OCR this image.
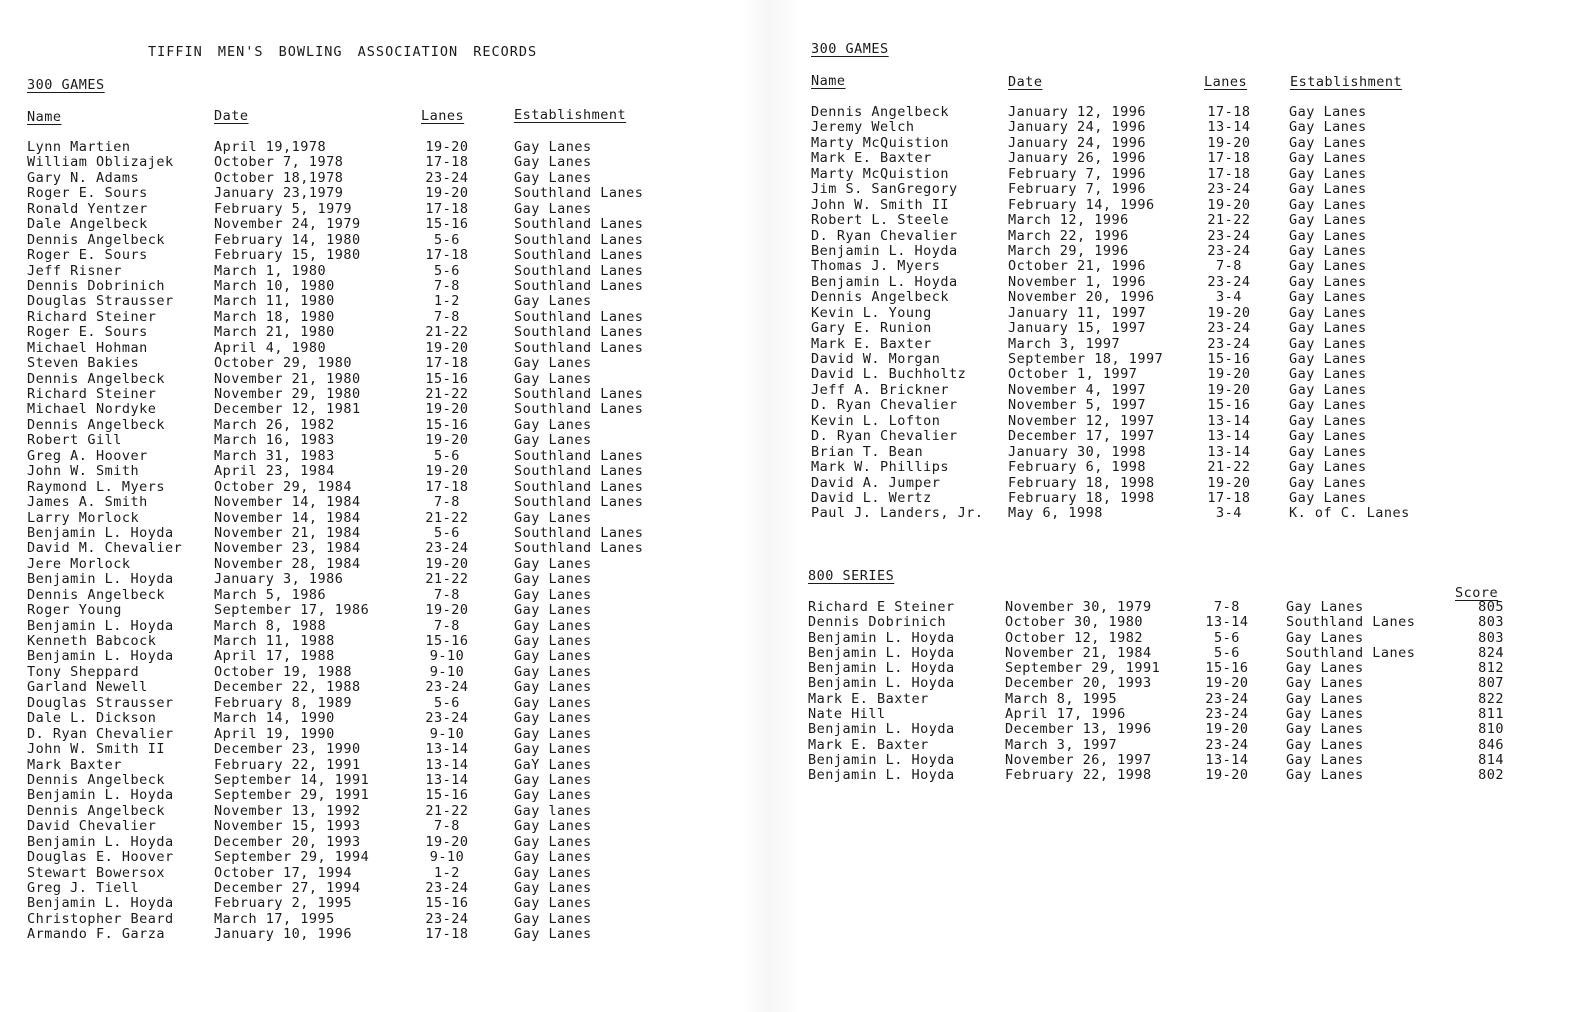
TIFFIN MEN'S BOWLING ASSOCIATION RECORDS
300 GAMES
Name	Date	Lanes	Establishment
Lynn Martien	April 19,1978	19-20	Gay Lanes
William Oblizajek	October 7, 1978	17-18	Gay Lanes
Gary N. Adams	October 18,1978	23-24	Gay Lanes
Roger E. Sours	January 23,1979	19-20	Southland Lanes
Ronald Yentzer	February 5, 1979	17-18	Gay Lanes
Dale Angelbeck	November 24, 1979	15-16	Southland Lanes
Dennis Angelbeck	February 14, 1980	5-6	Southland Lanes
Roger E. Sours	February 15, 1980	17-18	Southland Lanes
Jeff Risner	March 1, 1980	5-6	Southland Lanes
Dennis Dobrinich	March 10, 1980	7-8	Southland Lanes
Douglas Strausser	March 11, 1980	1-2	Gay Lanes
Richard Steiner	March 18, 1980	7-8	Southland Lanes
Roger E. Sours	March 21, 1980	21-22	Southland Lanes
Michael Hohman	April 4, 1980	19-20	Southland Lanes
Steven Bakies	October 29, 1980	17-18	Gay Lanes
Dennis Angelbeck	November 21, 1980	15-16	Gay Lanes
Richard Steiner	November 29, 1980	21-22	Southland Lanes
Michael Nordyke	December 12, 1981	19-20	Southland Lanes
Dennis Angelbeck	March 26, 1982	15-16	Gay Lanes
Robert Gill	March 16, 1983	19-20	Gay Lanes
Greg A. Hoover	March 31, 1983	5-6	Southland Lanes
John W. Smith	April 23, 1984	19-20	Southland Lanes
Raymond L. Myers	October 29, 1984	17-18	Southland Lanes
James A. Smith	November 14, 1984	7-8	Southland Lanes
Larry Morlock	November 14, 1984	21-22	Gay Lanes
Benjamin L. Hoyda	November 21, 1984	5-6	Southland Lanes
David M. Chevalier November 23, 1984	23-24	Southland Lanes
Jere Morlock	November 28, 1984	19-20	Gay Lanes
Benjamin L. Hoyda	January 3, 1986	21-22	Gay Lanes
Dennis Angelbeck	March 5, 1986	7-8	Gay Lanes
Roger Young	September 17, 1986	19-20	Gay Lanes
Benjamin L. Hoyda	March 8, 1988	7-8	Gay Lanes
Kenneth Babcock	March 11, 1988	15-16	Gay Lanes
Benjamin L. Hoyda	April 17, 1988	9-10	Gay Lanes
Tony Sheppard	October 19, 1988	9-10	Gay Lanes
Garland Newell	December 22, 1988	23-24	Gay Lanes
Douglas Strausser	February 8, 1989	5-6	Gay Lanes
Dale L. Dickson	March 14, 1990	23-24	Gay Lanes
D. Ryan Chevalier	April 19, 1990	9-10	Gay Lanes
John W. Smith II	December 23, 1990	13-14	Gay Lanes
Mark Baxter	February 22, 1991	13-14	GaY Lanes
Dennis Angelbeck	September 14, 1991	13-14	Gay Lanes
Benjamin L. Hoyda	September 29, 1991	15-16	Gay Lanes
Dennis Angelbeck	November 13, 1992	21-22	Gay lanes
David Chevalier	November 15, 1993	7-8	Gay Lanes
Benjamin L. Hoyda	December 20, 1993	19-20	Gay Lanes
Douglas E. Hoover	September 29, 1994	9-10	Gay Lanes
Stewart Bowersox	October 17, 1994	1-2	Gay Lanes
Greg J. Tiell	December 27, 1994	23-24	Gay Lanes
Benjamin L. Hoyda	February 2, 1995	15-16	Gay Lanes
Christopher Beard	March 17, 1995	23-24	Gay Lanes
Armando F. Garza	January 10, 1996	17-18	Gay Lanes
300 GAMES
Name	Date	Lanes	Establishment
Dennis Angelbeck	January 12, 1996	17-18	Gay Lanes
Jeremy Welch	January 24, 1996	13-14	Gay Lanes
Marty McQuistion	January 24, 1996	19-20	Gay Lanes
Mark E. Baxter	January 26, 1996	17-18	Gay Lanes
Marty McQuistion	February 7, 1996	17-18	Gay Lanes
Jim S. SanGregory	February 7, 1996	23-24	Gay Lanes
John W. Smith II	February 14, 1996	19-20	Gay Lanes
Robert L. Steele	March 12, 1996	21-22	Gay Lanes
D. Ryan Chevalier	March 22, 1996	23-24	Gay Lanes
Benjamin L. Hoyda	March 29, 1996	23-24	Gay Lanes
Thomas J. Myers	October 21, 1996	7-8	Gay Lanes
Benjamin L. Hoyda	November 1, 1996	23-24	Gay Lanes
Dennis Angelbeck	November 20, 1996	3-4	Gay Lanes
Kevin L. Young	January 11, 1997	19-20	Gay Lanes
Gary E. Runion	January 15, 1997	23-24	Gay Lanes
Mark E. Baxter	March 3, 1997	23-24	Gay Lanes
David W. Morgan	September 18, 1997	15-16	Gay Lanes
David L. Buchholtz	October 1, 1997	19-20	Gay Lanes
Jeff A. Brickner	November 4, 1997	19-20	Gay Lanes
D. Ryan Chevalier	November 5, 1997	15-16	Gay Lanes
Kevin L. Lofton	November 12, 1997	13-14	Gay Lanes
D. Ryan Chevalier	December 17, 1997	13-14	Gay Lanes
Brian T. Bean	January 30, 1998	13-14	Gay Lanes
Mark W. Phillips	February 6, 1998	21-22	Gay Lanes
David A. Jumper	February 18, 1998	19-20	Gay Lanes
David L. Wertz	February 18, 1998	17-18	Gay Lanes
Paul J. Landers, Jr. May 6, 1998	3-4	K. of C. Lanes
800 SERIES
Score
Richard E Steiner	November 30, 1979	7-8	Gay Lanes	805
Dennis Dobrinich	October 30, 1980	13-14	Southland Lanes	803
Benjamin L. Hoyda	October 12, 1982	5-6	Gay Lanes	803
Benjamin L. Hoyda	November 21, 1984	5-6	Southland Lanes	824
Benjamin L. Hoyda	September 29, 1991	15-16	Gay Lanes	812
Benjamin L. Hoyda	December 20, 1993	19-20	Gay Lanes	807
Mark E. Baxter	March 8, 1995	23-24	Gay Lanes	822
Nate Hill	April 17, 1996	23-24	Gay Lanes	811
Benjamin L. Hoyda	December 13, 1996	19-20	Gay Lanes	810
Mark E. Baxter	March 3, 1997	23-24	Gay Lanes	846
Benjamin L. Hoyda	November 26, 1997	13-14	Gay Lanes	814
Benjamin L. Hoyda	February 22, 1998	19-20	Gay Lanes	802
